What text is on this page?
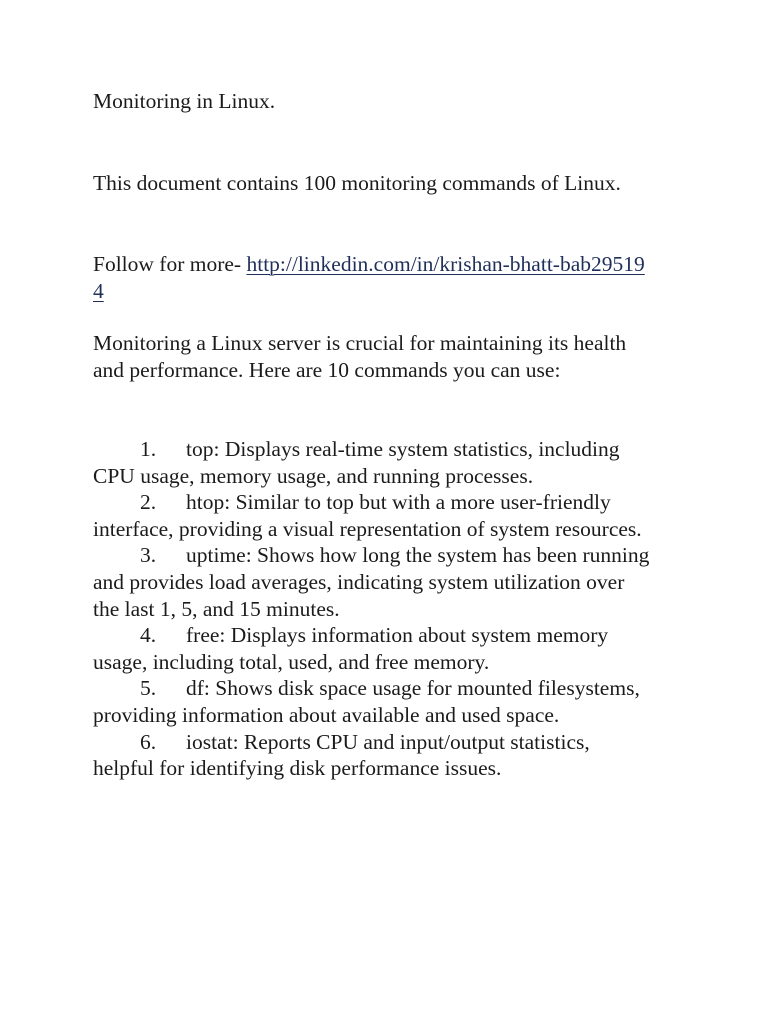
Monitoring in Linux.

This document contains 100 monitoring commands of Linux.

Follow for more- http://linkedin.com/in/krishan-bhatt-bab295194

Monitoring a Linux server is crucial for maintaining its health and performance. Here are 10 commands you can use:

1. top: Displays real-time system statistics, including CPU usage, memory usage, and running processes.
2. htop: Similar to top but with a more user-friendly interface, providing a visual representation of system resources.
3. uptime: Shows how long the system has been running and provides load averages, indicating system utilization over the last 1, 5, and 15 minutes.
4. free: Displays information about system memory usage, including total, used, and free memory.
5. df: Shows disk space usage for mounted filesystems, providing information about available and used space.
6. iostat: Reports CPU and input/output statistics, helpful for identifying disk performance issues.
